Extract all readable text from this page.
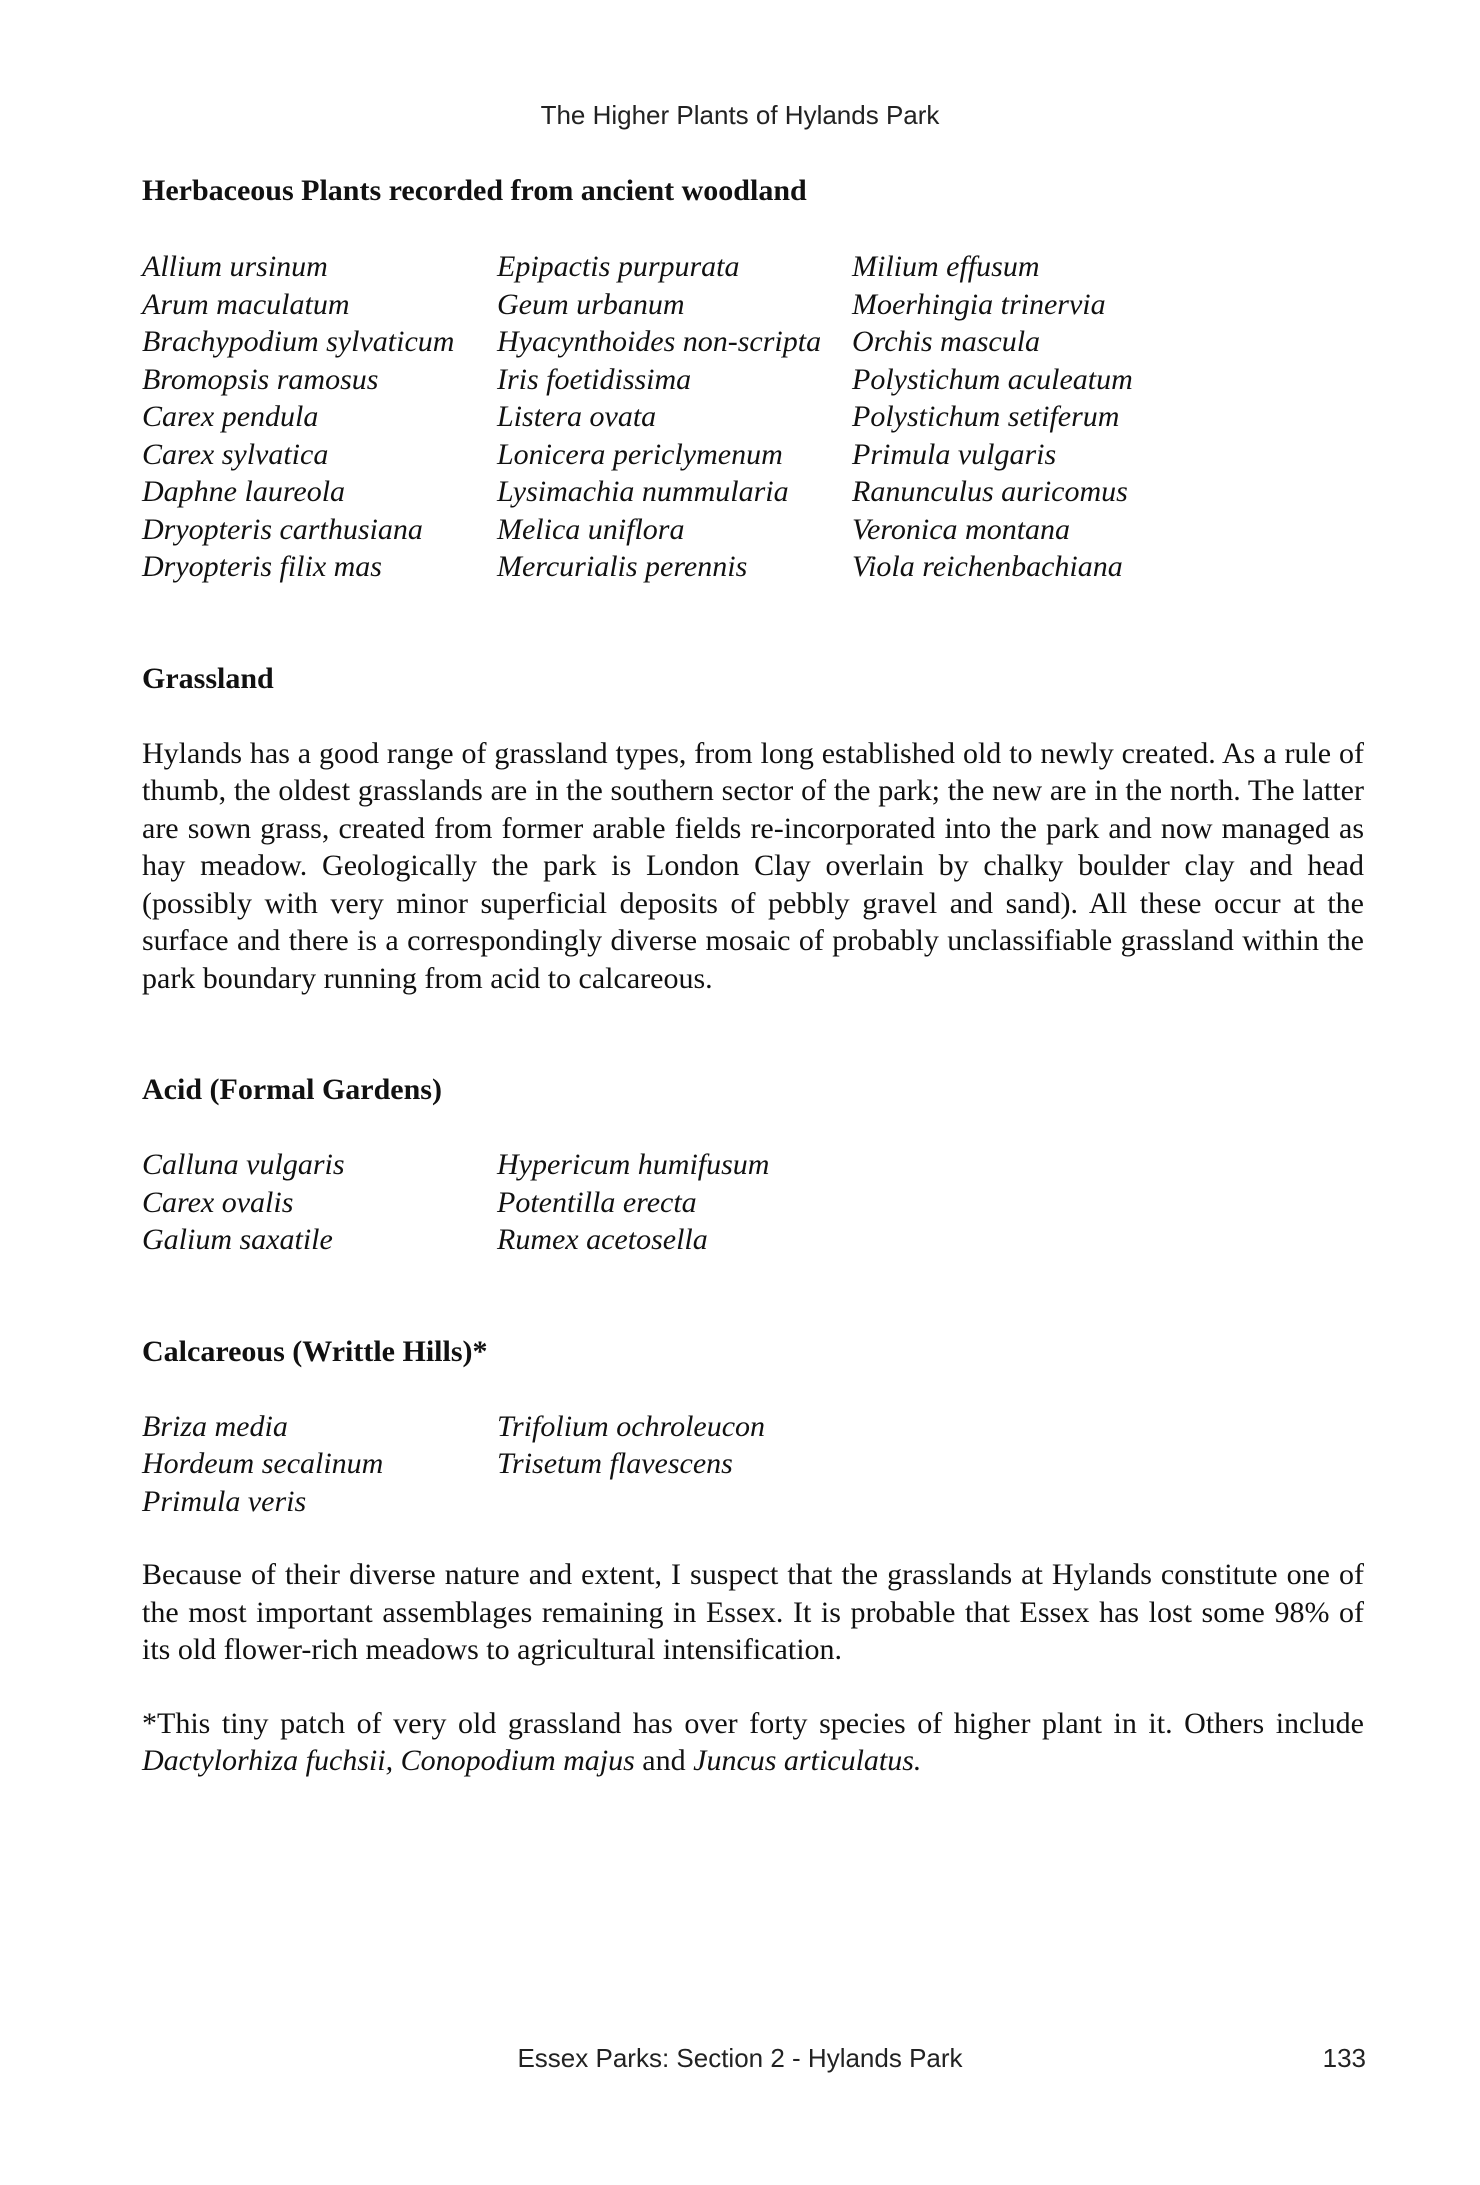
The Higher Plants of Hylands Park
Herbaceous Plants recorded from ancient woodland
Allium ursinum
Arum maculatum
Brachypodium sylvaticum
Bromopsis ramosus
Carex pendula
Carex sylvatica
Daphne laureola
Dryopteris carthusiana
Dryopteris filix mas
Epipactis purpurata
Geum urbanum
Hyacynthoides non-scripta
Iris foetidissima
Listera ovata
Lonicera periclymenum
Lysimachia nummularia
Melica uniflora
Mercurialis perennis
Milium effusum
Moerhingia trinervia
Orchis mascula
Polystichum aculeatum
Polystichum setiferum
Primula vulgaris
Ranunculus auricomus
Veronica montana
Viola reichenbachiana
Grassland

Hylands has a good range of grassland types, from long established old to newly created. As a rule of thumb, the oldest grasslands are in the southern sector of the park; the new are in the north. The latter are sown grass, created from former arable fields re-incorporated into the park and now managed as hay meadow. Geologically the park is London Clay overlain by chalky boulder clay and head (possibly with very minor superficial deposits of pebbly gravel and sand). All these occur at the surface and there is a correspondingly diverse mosaic of probably unclassifiable grassland within the park boundary running from acid to calcareous.

Acid (Formal Gardens)
Calluna vulgaris
Carex ovalis
Galium saxatile
Hypericum humifusum
Potentilla erecta
Rumex acetosella
Calcareous (Writtle Hills)*
Briza media
Hordeum secalinum
Primula veris
Trifolium ochroleucon
Trisetum flavescens

Because of their diverse nature and extent, I suspect that the grasslands at Hylands constitute one of the most important assemblages remaining in Essex. It is probable that Essex has lost some 98% of its old flower-rich meadows to agricultural intensification.

*This tiny patch of very old grassland has over forty species of higher plant in it. Others include Dactylorhiza fuchsii, Conopodium majus and Juncus articulatus.

Essex Parks: Section 2 - Hylands Park	133
